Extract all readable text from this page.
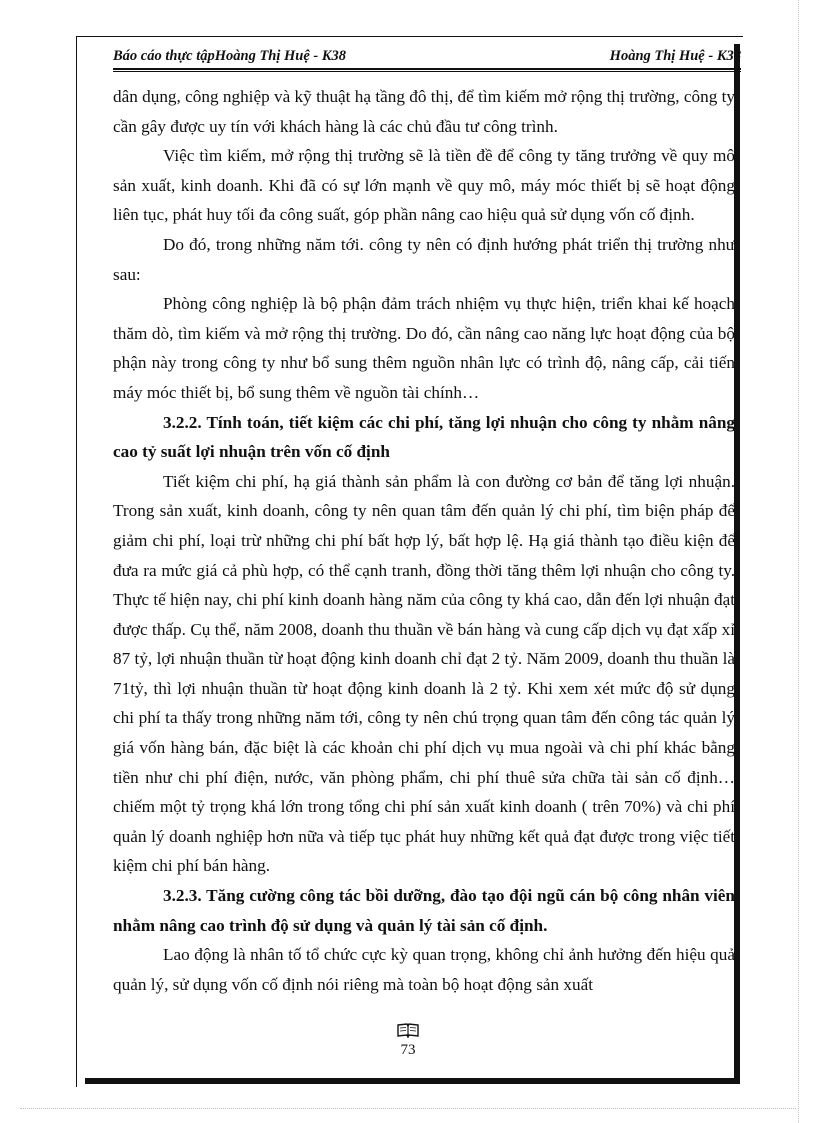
Báo cáo thực tậpHoàng Thị Huệ - K38	Hoàng Thị Huệ - K38

dân dụng, công nghiệp và kỹ thuật hạ tầng đô thị, để tìm kiếm mở rộng thị trường, công ty cần gây được uy tín với khách hàng là các chủ đầu tư công trình.

Việc tìm kiếm, mở rộng thị trường sẽ là tiền đề để công ty tăng trưởng về quy mô sản xuất, kinh doanh. Khi đã có sự lớn mạnh về quy mô, máy móc thiết bị sẽ hoạt động liên tục, phát huy tối đa công suất, góp phần nâng cao hiệu quả sử dụng vốn cố định.

Do đó, trong những năm tới. công ty nên có định hướng phát triển thị trường như sau:

Phòng công nghiệp là bộ phận đảm trách nhiệm vụ thực hiện, triển khai kế hoạch thăm dò, tìm kiếm và mở rộng thị trường. Do đó, cần nâng cao năng lực hoạt động của bộ phận này trong công ty như bổ sung thêm nguồn nhân lực có trình độ, nâng cấp, cải tiến máy móc thiết bị, bổ sung thêm về nguồn tài chính…

3.2.2. Tính toán, tiết kiệm các chi phí, tăng lợi nhuận cho công ty nhằm nâng cao tỷ suất lợi nhuận trên vốn cố định

Tiết kiệm chi phí, hạ giá thành sản phẩm là con đường cơ bản để tăng lợi nhuận. Trong sản xuất, kinh doanh, công ty nên quan tâm đến quản lý chi phí, tìm biện pháp để giảm chi phí, loại trừ những chi phí bất hợp lý, bất hợp lệ. Hạ giá thành tạo điều kiện để đưa ra mức giá cả phù hợp, có thể cạnh tranh, đồng thời tăng thêm lợi nhuận cho công ty. Thực tế hiện nay, chi phí kinh doanh hàng năm của công ty khá cao, dẫn đến lợi nhuận đạt được thấp. Cụ thể, năm 2008, doanh thu thuần về bán hàng và cung cấp dịch vụ đạt xấp xỉ 87 tỷ, lợi nhuận thuần từ hoạt động kinh doanh chỉ đạt 2 tỷ. Năm 2009, doanh thu thuần là 71tỷ, thì lợi nhuận thuần từ hoạt động kinh doanh là 2 tỷ. Khi xem xét mức độ sử dụng chi phí ta thấy trong những năm tới, công ty nên chú trọng quan tâm đến công tác quản lý giá vốn hàng bán, đặc biệt là các khoản chi phí dịch vụ mua ngoài và chi phí khác bằng tiền như chi phí điện, nước, văn phòng phẩm, chi phí thuê sửa chữa tài sản cố định…chiếm một tỷ trọng khá lớn trong tổng chi phí sản xuất kinh doanh ( trên 70%) và chi phí quản lý doanh nghiệp hơn nữa và tiếp tục phát huy những kết quả đạt được trong việc tiết kiệm chi phí bán hàng.

3.2.3. Tăng cường công tác bồi dưỡng, đào tạo đội ngũ cán bộ công nhân viên nhằm nâng cao trình độ sử dụng và quản lý tài sản cố định.

Lao động là nhân tố tổ chức cực kỳ quan trọng, không chỉ ảnh hưởng đến hiệu quả quản lý, sử dụng vốn cố định nói riêng mà toàn bộ hoạt động sản xuất

73
